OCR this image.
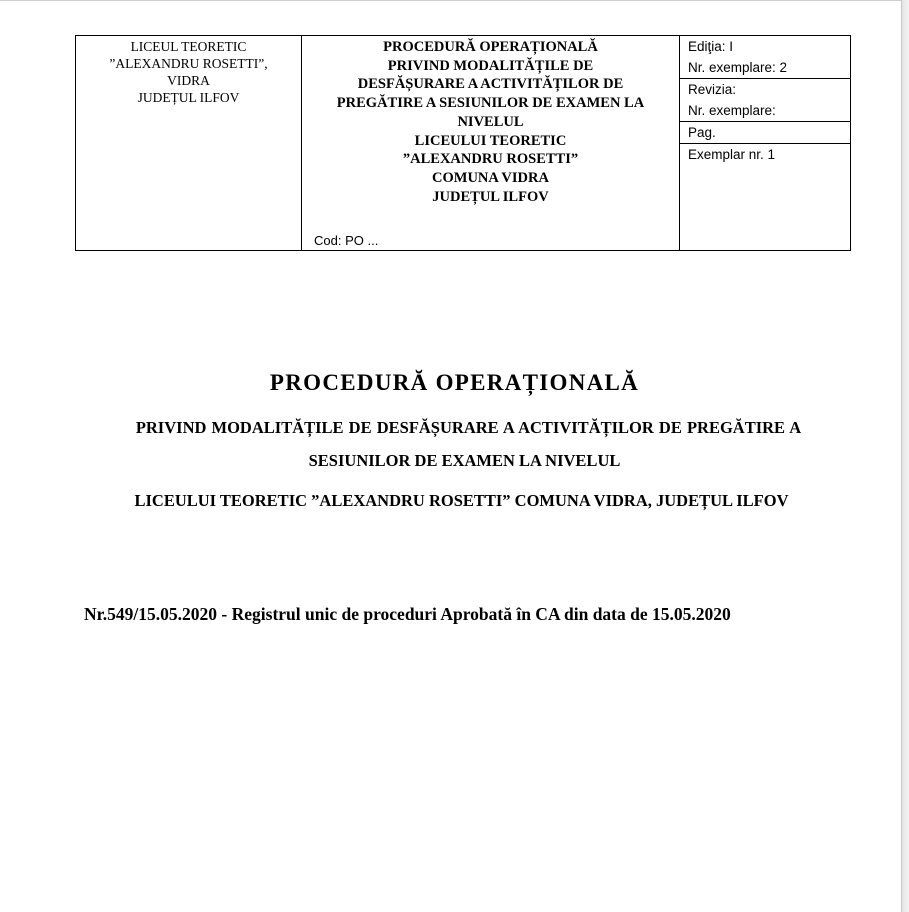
LICEUL TEORETIC
”ALEXANDRU ROSETTI”,
VIDRA
JUDEȚUL ILFOV

PROCEDURĂ OPERAȚIONALĂ
PRIVIND MODALITĂȚILE DE
DESFĂȘURARE A ACTIVITĂȚILOR DE
PREGĂTIRE A SESIUNILOR DE EXAMEN LA
NIVELUL
LICEULUI TEORETIC
”ALEXANDRU ROSETTI”
COMUNA VIDRA
JUDEȚUL ILFOV
Cod: PO ...

Ediţia: I
Nr. exemplare: 2
Revizia:
Nr. exemplare:
Pag.
Exemplar nr. 1
PROCEDURĂ OPERAȚIONALĂ
PRIVIND MODALITĂȚILE DE DESFĂȘURARE A ACTIVITĂȚILOR DE PREGĂTIRE A
SESIUNILOR DE EXAMEN LA NIVELUL
LICEULUI TEORETIC ”ALEXANDRU ROSETTI” COMUNA VIDRA, JUDEȚUL ILFOV
Nr.549/15.05.2020 - Registrul unic de proceduri Aprobată în CA din data de 15.05.2020
